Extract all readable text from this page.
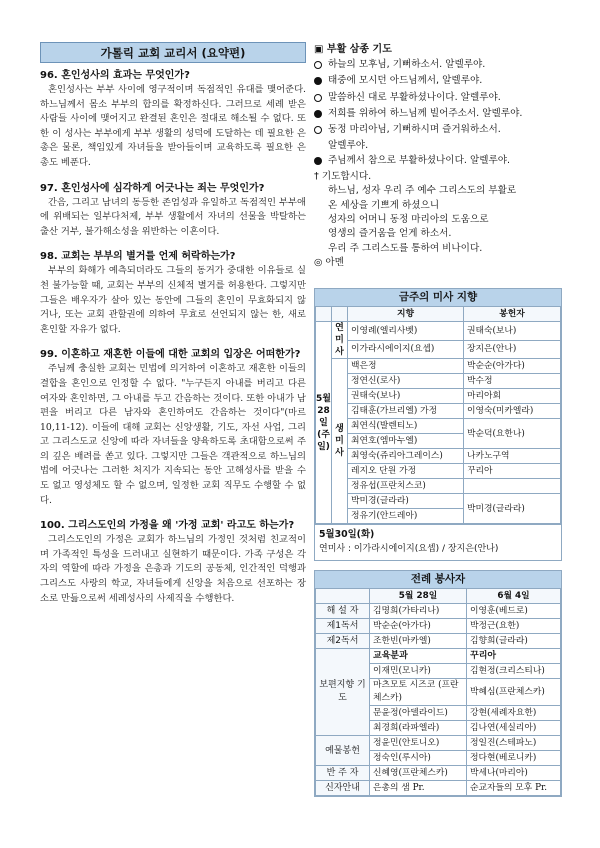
가톨릭 교회 교리서 (요약편)
96. 혼인성사의 효과는 무엇인가?
혼인성사는 부부 사이에 영구적이며 독점적인 유대를 맺어준다. 하느님께서 몸소 부부의 합의를 확정하신다. 그러므로 세례 받은 사람들 사이에 맺어지고 완결된 혼인은 절대로 해소될 수 없다. 또한 이 성사는 부부에게 부부 생활의 성덕에 도달하는 데 필요한 은총은 물론, 책임있게 자녀들을 받아들이며 교육하도록 필요한 은총도 베푼다.
97. 혼인성사에 심각하게 어긋나는 죄는 무엇인가?
간음, 그리고 남녀의 동등한 존엄성과 유일하고 독점적인 부부애에 위배되는 일부다처제, 부부 생활에서 자녀의 선물을 박탈하는 출산 거부, 불가해소성을 위반하는 이혼이다.
98. 교회는 부부의 별거를 언제 허락하는가?
부부의 화해가 예측되더라도 그들의 동거가 중대한 이유들로 실천 불가능할 때, 교회는 부부의 신체적 별거를 허용한다. 그렇지만 그들은 배우자가 살아 있는 동안에 그들의 혼인이 무효화되지 않거나, 또는 교회 관할권에 의하여 무효로 선언되지 않는 한, 새로 혼인할 자유가 없다.
99. 이혼하고 재혼한 이들에 대한 교회의 입장은 어떠한가?
주님께 충실한 교회는 민법에 의거하여 이혼하고 재혼한 이들의 결합을 혼인으로 인정할 수 없다. "누구든지 아내를 버리고 다른 여자와 혼인하면, 그 아내를 두고 간음하는 것이다. 또한 아내가 남편을 버리고 다른 남자와 혼인하여도 간음하는 것이다"(마르 10,11-12). 이들에 대해 교회는 신앙생활, 기도, 자선 사업, 그리고 그리스도교 신앙에 따라 자녀들을 양육하도록 초대함으로써 주의 깊은 배려를 쏟고 있다. 그렇지만 그들은 객관적으로 하느님의 법에 어긋나는 그러한 처지가 지속되는 동안 고해성사를 받을 수도 없고 영성체도 할 수 없으며, 일정한 교회 직무도 수행할 수 없다.
100. 그리스도인의 가정을 왜 '가정 교회' 라고도 하는가?
그리스도인의 가정은 교회가 하느님의 가정인 것처럼 친교적이며 가족적인 특성을 드러내고 실현하기 때문이다. 가족 구성은 각자의 역할에 따라 가정을 은총과 기도의 공동체, 인간적인 덕행과 그리스도 사랑의 학교, 자녀들에게 신앙을 처음으로 선포하는 장소로 만듦으로써 세례성사의 사제직을 수행한다.
▣ 부활 삼종 기도
하늘의 모후님, 기뻐하소서. 알렐루야.
태중에 모시던 아드님께서, 알렐루야.
말씀하신 대로 부활하셨나이다. 알렐루야.
저희를 위하여 하느님께 빌어주소서. 알렐루야.
동정 마리아님, 기뻐하시며 즐거워하소서.
알렐루야.
주님께서 참으로 부활하셨나이다. 알렐루야.
† 기도합시다.
하느님, 성자 우리 주 예수 그리스도의 부활로
온 세상을 기쁘게 하셨으니
성자의 어머니 동정 마리아의 도움으로
영생의 즐거움을 얻게 하소서.
우리 주 그리스도를 통하여 비나이다.
◎ 아멘
금주의 미사 지향
		지향	봉헌자
5월 28일 (주일)	연미사	이영례(엘리사벳)	권태숙(보나)
		이가라시에이지(요셉)	장지은(안나)
	생미사	백은정	박순순(아가다)
		정연신(로사)	박수정
		권태숙(보나)	마리아회
		김태훈(가브리엘) 가정	이영숙(미카엘라)
		최연식(발렌티노)	박순덕(요한나)
		최연호(엠마누엘)	
		최영숙(쥬리아그레이스)	나카노구역
		레지오 단원 가정	꾸리아
		정유섭(프란치스코)	
		박미경(글라라)	박미경(글라라)
		정유기(안드레아)	
5월30일(화)
연미사 : 이가라시에이지(요셉) / 장지은(안나)
전례 봉사자
	5월 28일	6월 4일
해 설 자	김명희(가타리나)	이영훈(베드로)
제1독서	박순순(아가다)	박정근(요한)
제2독서	조한빈(마카엘)	김향희(글라라)
보편지향 기 도	교육분과	꾸리아
	이재민(모니카)	김현정(크리스티나)
	마츠모토 시즈코 (프란체스카)	박혜심(프란체스카)
	문윤정(아델라이드)	강현(세례자요한)
	최경희(라파엘라)	김나연(세실리아)
예물봉헌	정윤민(안토니오)	정일진(스테파노)
	정숙인(루시아)	정다현(베로니카)
반 주 자	신혜영(프란체스카)	박세나(마리아)
신자안내	은총의 샘 Pr.	순교자들의 모후 Pr.
